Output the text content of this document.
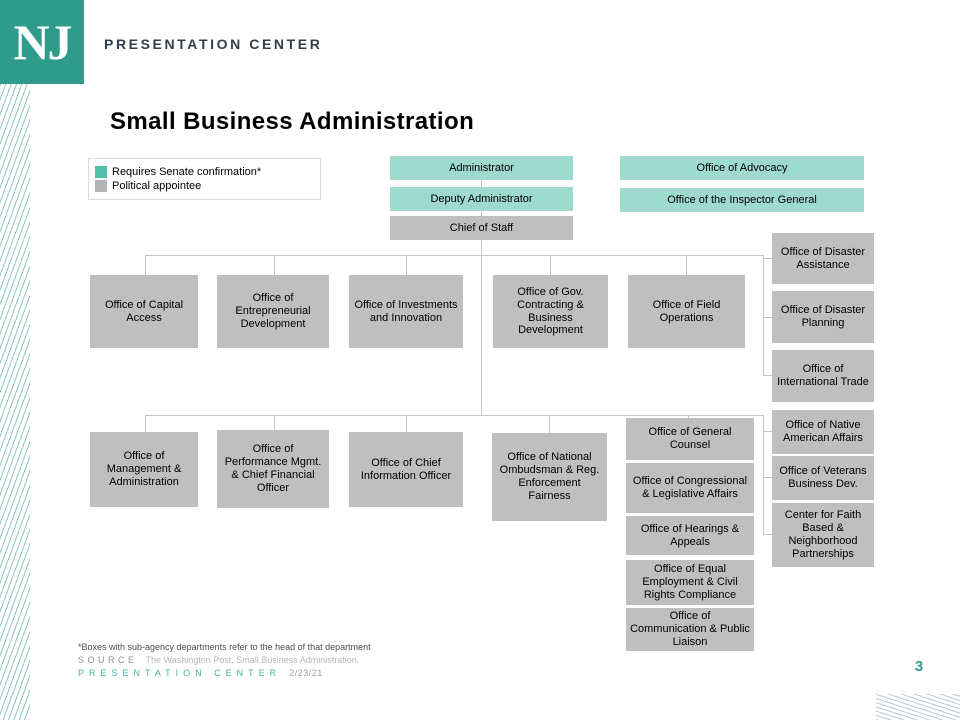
NJ	PRESENTATION CENTER
Small Business Administration
Requires Senate confirmation*
Political appointee
Administrator
Deputy Administrator
Chief of Staff
Office of Advocacy
Office of the Inspector General
Office of Capital Access
Office of Entrepreneurial Development
Office of Investments and Innovation
Office of Gov. Contracting & Business Development
Office of Field Operations
Office of Management & Administration
Office of Performance Mgmt. & Chief Financial Officer
Office of Chief Information Officer
Office of National Ombudsman & Reg. Enforcement Fairness
Office of General Counsel
Office of Congressional & Legislative Affairs
Office of Hearings & Appeals
Office of Equal Employment & Civil Rights Compliance
Office of Communication & Public Liaison
Office of Disaster Assistance
Office of Disaster Planning
Office of International Trade
Office of Native American Affairs
Office of Veterans Business Dev.
Center for Faith Based & Neighborhood Partnerships
*Boxes with sub-agency departments refer to the head of that department
SOURCE The Washington Post, Small Business Administration.
PRESENTATION CENTER 2/23/21	3
